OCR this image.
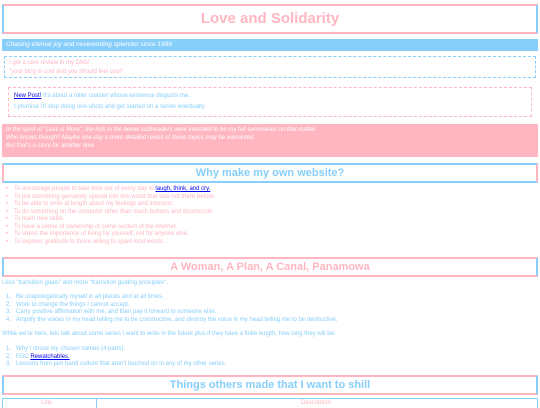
Love and Solidarity
Chasing eternal joy and neverending splendor since 1999
I got a rave review in my DMs!
"your blog is cool and you should feel cool"
New Post! It's about a roller coaster whose existence disgusts me.
I promise I'll stop doing one-shots and get started on a series eventually.
In the spirit of "Less is More", the lists in the below subheaders were intended to be my full summaries on that matter.
Who knows though? Maybe one day a more detailed revisit of these topics may be warranted.
But that's a story for another time.
Why make my own website?
• To encourage people to take time out of every day to laugh, think, and cry.
• To put something genuinely special into this world that was not there before.
• To be able to write at length about my feelings and interests.
• To do something on the computer other than mash buttons and doomscroll.
• To learn new skills.
• To have a sense of ownership of some section of the internet.
• To stress the importance of living for yourself, not for anyone else.
• To express gratitude to those willing to spare kind words.
A Woman, A Plan, A Canal, Panamowa
Less "transition goals" and more "transition guiding principles".
1. Be unapologetically myself in all places and at all times.
2. Work to change the things I cannot accept.
3. Carry positive affirmation with me, and then pay it forward to someone else.
4. Amplify the voices in my head telling me to be constructive, and destroy the voice in my head telling me to be destructive.
While we're here, lets talk about some series I want to write in the future plus if they have a finite length, how long they will be:
1. Why I chose my chosen names (4 parts).
2. FGC Rewatchables.
3. Lessons from jam band culture that aren't touched on in any of my other series.
Things others made that I want to shill
Link	Description
